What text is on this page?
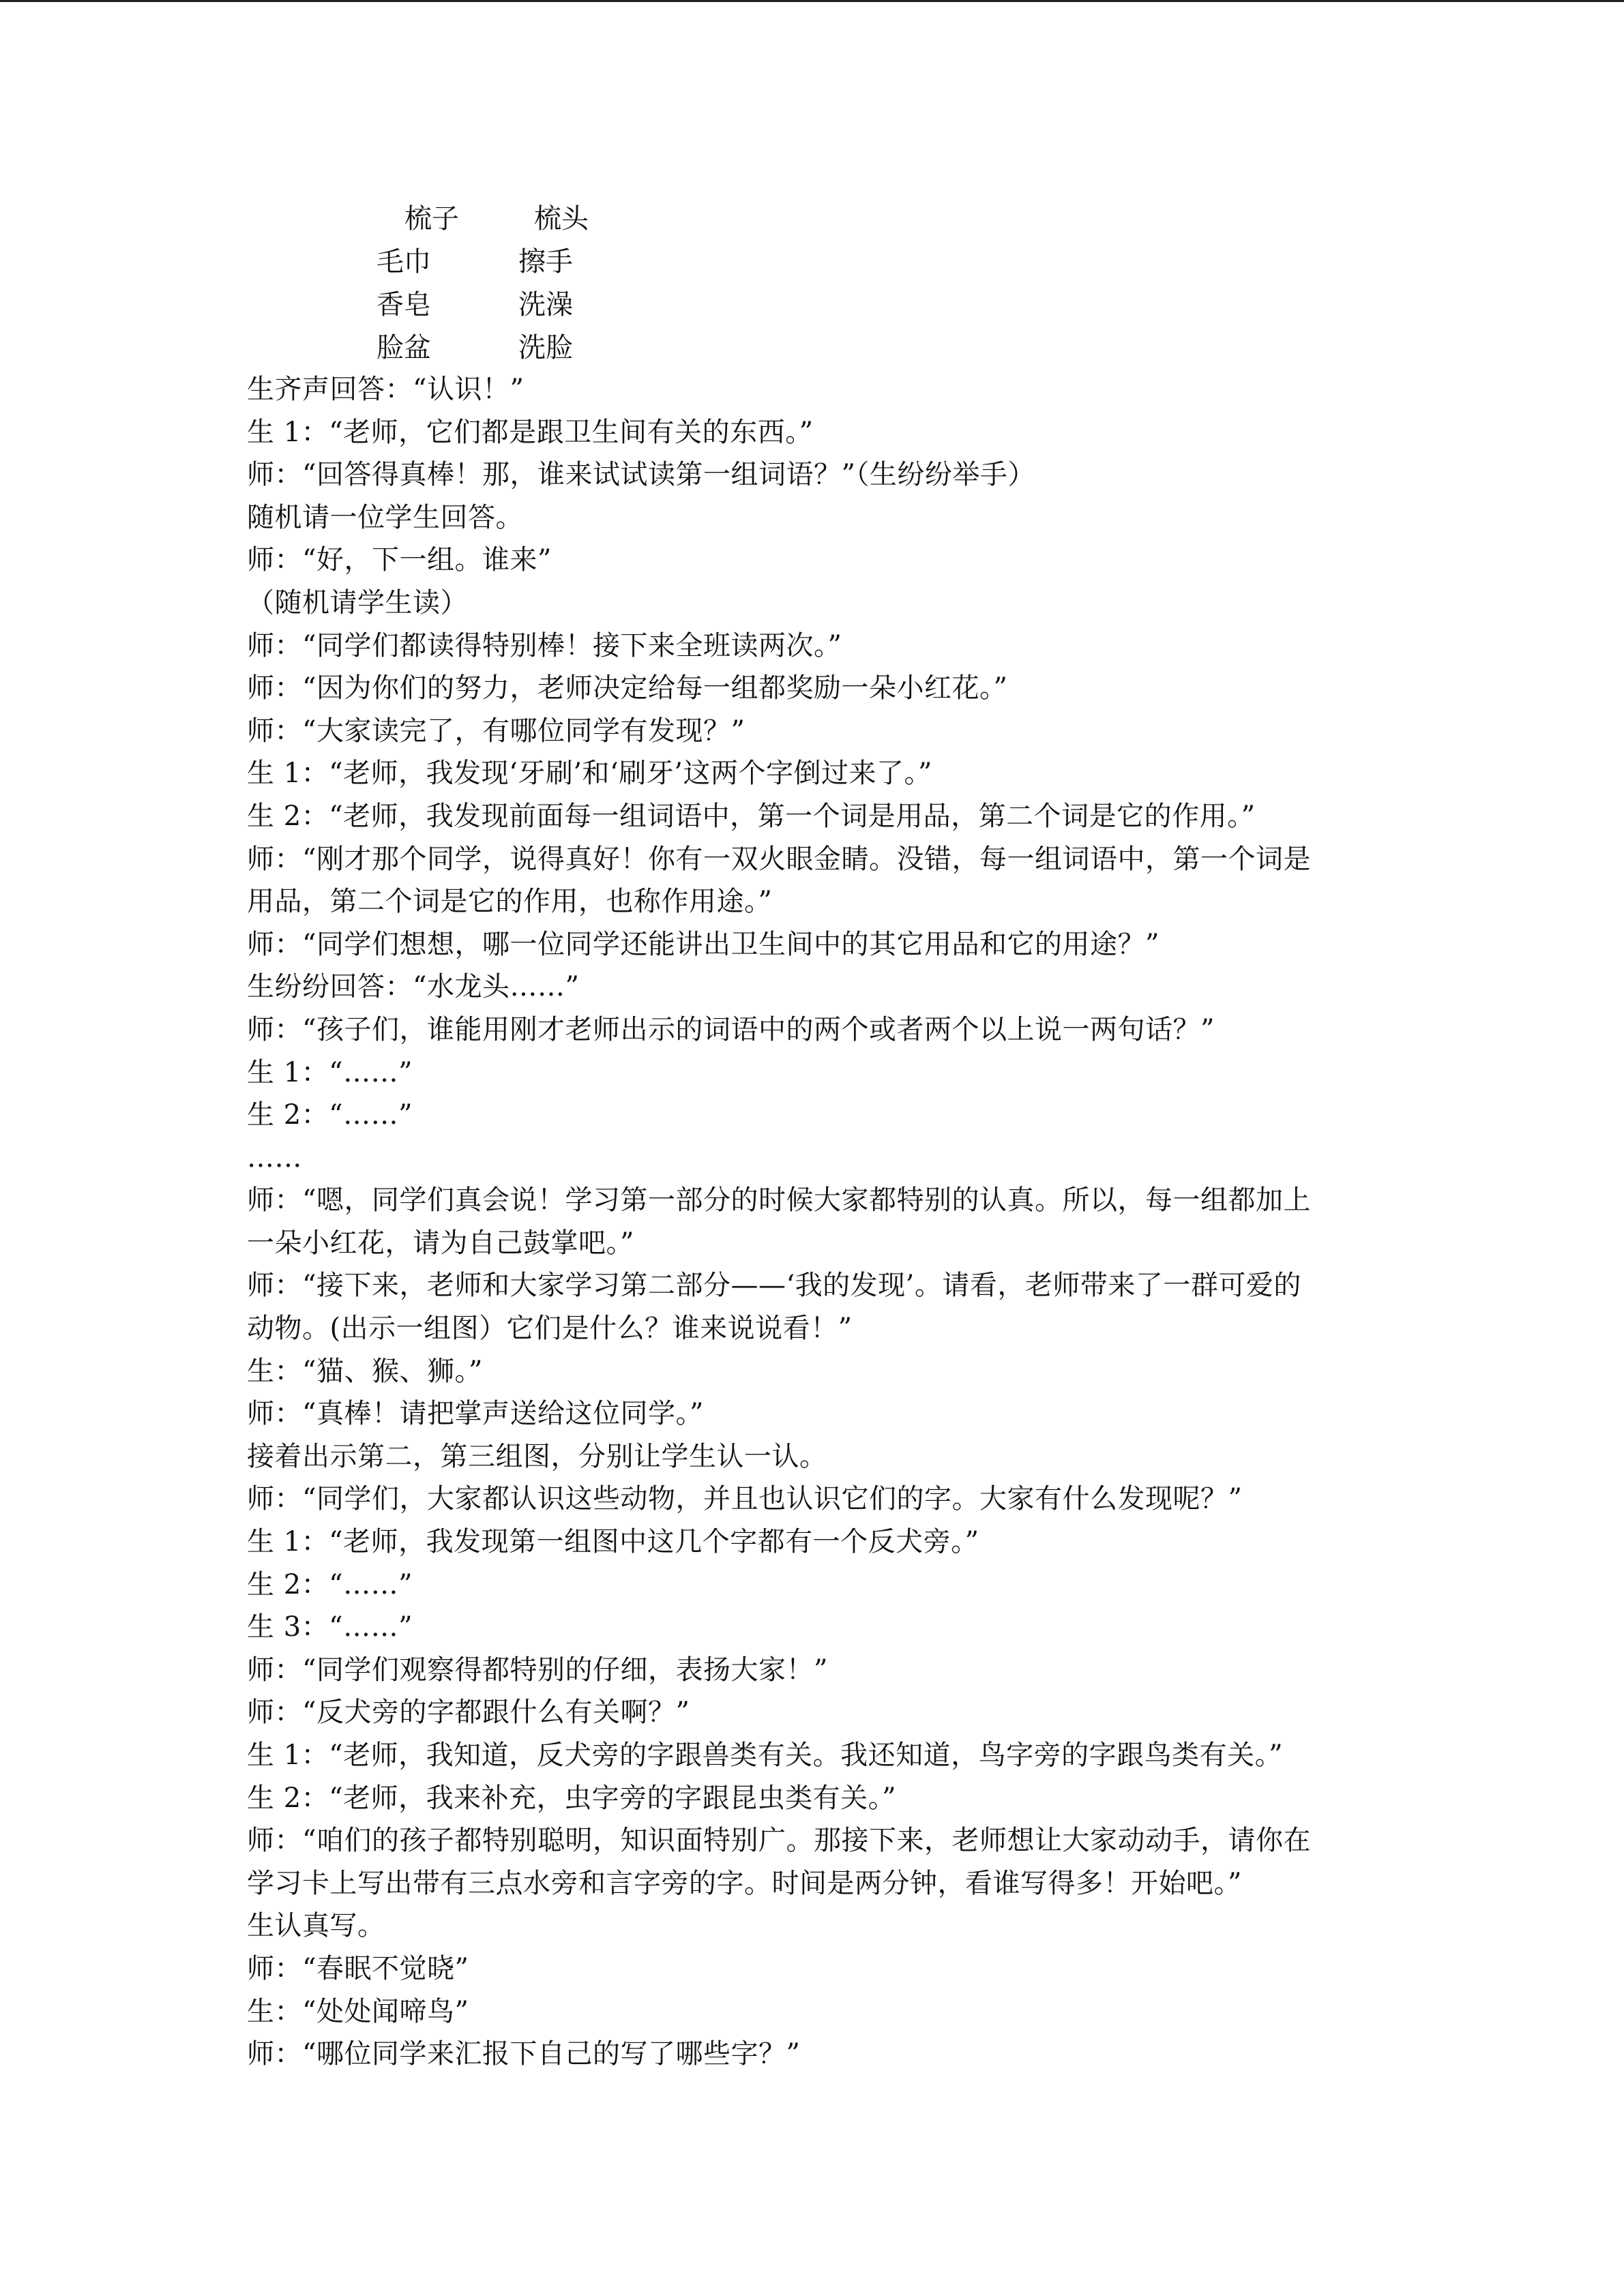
梳子	梳头
毛巾	擦手
香皂	洗澡
脸盆	洗脸
生齐声回答：“认识！”
生 1：“老师，它们都是跟卫生间有关的东西。”
师：“回答得真棒！那，谁来试试读第一组词语？”（生纷纷举手）
随机请一位学生回答。
师：“好，下一组。谁来”
（随机请学生读）
师：“同学们都读得特别棒！接下来全班读两次。”
师：“因为你们的努力，老师决定给每一组都奖励一朵小红花。”
师：“大家读完了，有哪位同学有发现？”
生 1：“老师，我发现‘牙刷’和‘刷牙’这两个字倒过来了。”
生 2：“老师，我发现前面每一组词语中，第一个词是用品，第二个词是它的作用。”
师：“刚才那个同学，说得真好！你有一双火眼金睛。没错，每一组词语中，第一个词是
用品，第二个词是它的作用，也称作用途。”
师：“同学们想想，哪一位同学还能讲出卫生间中的其它用品和它的用途？”
生纷纷回答：“水龙头……”
师：“孩子们，谁能用刚才老师出示的词语中的两个或者两个以上说一两句话？”
生 1：“……”
生 2：“……”
……
师：“嗯，同学们真会说！学习第一部分的时候大家都特别的认真。所以，每一组都加上
一朵小红花，请为自己鼓掌吧。”
师：“接下来，老师和大家学习第二部分——‘我的发现’。请看，老师带来了一群可爱的
动物。(出示一组图）它们是什么？谁来说说看！”
生：“猫、猴、狮。”
师：“真棒！请把掌声送给这位同学。”
接着出示第二，第三组图，分别让学生认一认。
师：“同学们，大家都认识这些动物，并且也认识它们的字。大家有什么发现呢？”
生 1：“老师，我发现第一组图中这几个字都有一个反犬旁。”
生 2：“……”
生 3：“……”
师：“同学们观察得都特别的仔细，表扬大家！”
师：“反犬旁的字都跟什么有关啊？”
生 1：“老师，我知道，反犬旁的字跟兽类有关。我还知道，鸟字旁的字跟鸟类有关。”
生 2：“老师，我来补充，虫字旁的字跟昆虫类有关。”
师：“咱们的孩子都特别聪明，知识面特别广。那接下来，老师想让大家动动手，请你在
学习卡上写出带有三点水旁和言字旁的字。时间是两分钟，看谁写得多！开始吧。”
生认真写。
师：“春眠不觉晓”
生：“处处闻啼鸟”
师：“哪位同学来汇报下自己的写了哪些字？”
